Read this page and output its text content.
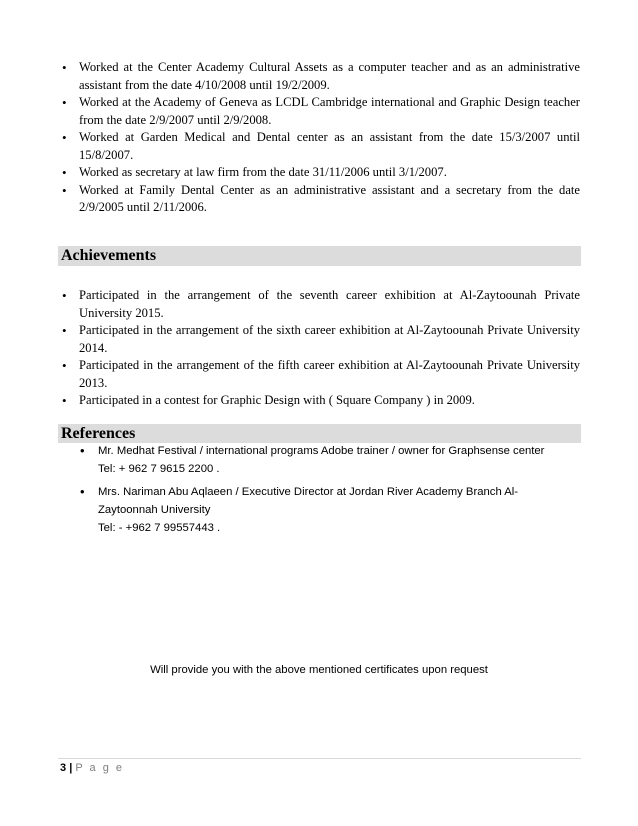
• Worked at the Center Academy Cultural Assets as a computer teacher and as an administrative assistant from the date 4/10/2008 until 19/2/2009.
• Worked at the Academy of Geneva as LCDL Cambridge international and Graphic Design teacher from the date 2/9/2007 until 2/9/2008.
• Worked at Garden Medical and Dental center as an assistant from the date 15/3/2007 until 15/8/2007.
• Worked as secretary at law firm from the date 31/11/2006 until 3/1/2007.
• Worked at Family Dental Center as an administrative assistant and a secretary from the date 2/9/2005 until 2/11/2006.
Achievements
• Participated in the arrangement of the seventh career exhibition at Al-Zaytoounah Private University 2015.
• Participated in the arrangement of the sixth career exhibition at Al-Zaytoounah Private University 2014.
• Participated in the arrangement of the fifth career exhibition at Al-Zaytoounah Private University 2013.
• Participated in a contest for Graphic Design with ( Square Company ) in 2009.
References
• Mr. Medhat Festival / international programs Adobe trainer / owner for Graphsense center
Tel: + 962 7 9615 2200 .
• Mrs. Nariman Abu Aqlaeen / Executive Director at Jordan River Academy Branch Al-Zaytoonnah University
Tel: - +962 7 99557443 .
Will provide you with the above mentioned certificates upon request
3 | P a g e
